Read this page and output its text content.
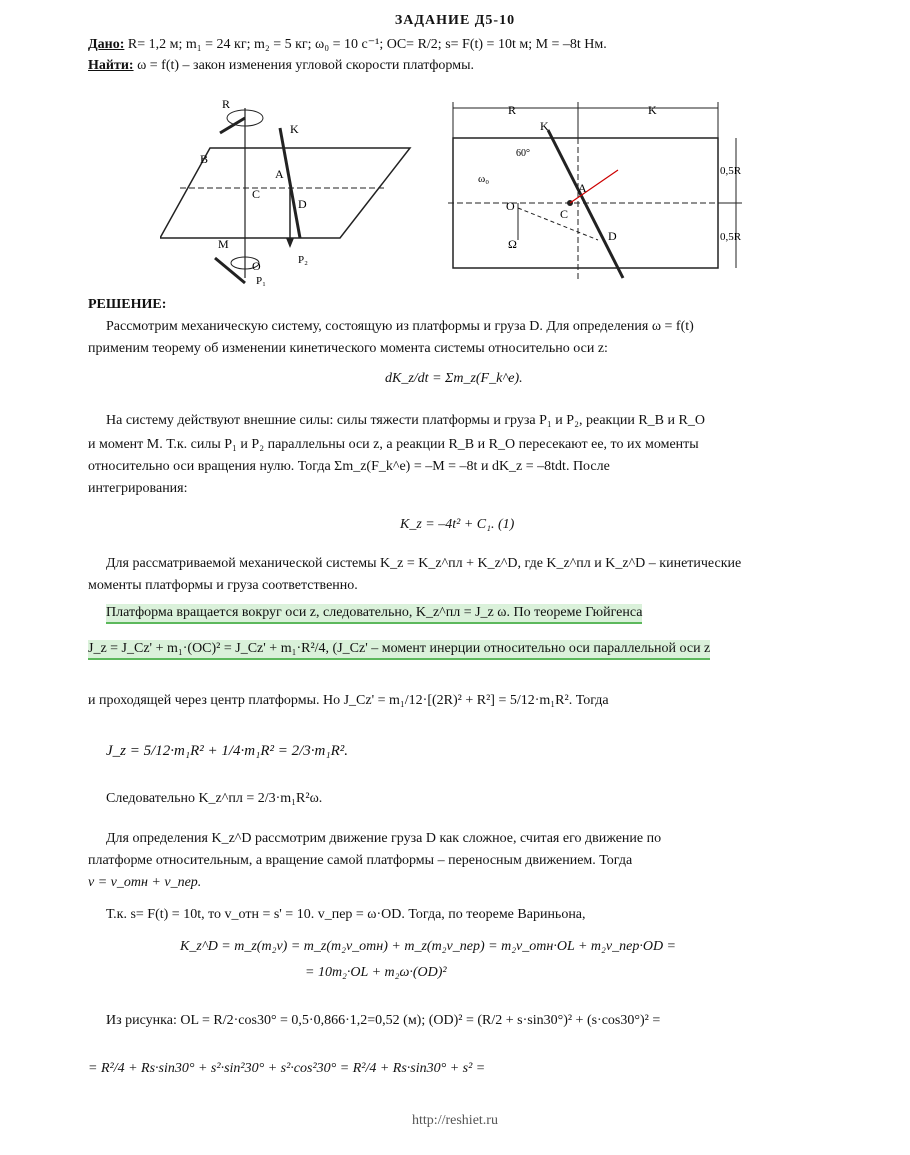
ЗАДАНИЕ Д5-10
Дано: R= 1,2 м; m₁ = 24 кг; m₂ = 5 кг; ω₀ = 10 с⁻¹; OC= R/2; s= F(t) = 10t м; M = –8t Нм.
Найти: ω = f(t) – закон изменения угловой скорости платформы.
R
K
A
C
D
O
B
M
P₁
P₂
R	K
K
60°
ω₀
A
C
D
O
Ω
0,5R
0,5R
РЕШЕНИЕ:
Рассмотрим механическую систему, состоящую из платформы и груза D. Для определения ω = f(t)
применим теорему об изменении кинетического момента системы относительно оси z:
dK_z/dt = Σm_z(F_k^e).
На систему действуют внешние силы: силы тяжести платформы и груза P₁ и P₂, реакции R_B и R_O
и момент M. Т.к. силы P₁ и P₂ параллельны оси z, а реакции R_B и R_O пересекают ее, то их моменты
относительно оси вращения нулю. Тогда Σm_z(F_k^e) = –M = –8t и dK_z = –8tdt. После
интегрирования:
K_z = –4t² + C₁. (1)
Для рассматриваемой механической системы K_z = K_z^пл + K_z^D, где K_z^пл и K_z^D – кинетические
моменты платформы и груза соответственно.
Платформа вращается вокруг оси z, следовательно, K_z^пл = J_z ω. По теореме Гюйгенса
J_z = J_Cz' + m₁·(OC)² = J_Cz' + m₁·R²/4, (J_Cz' – момент инерции относительно оси параллельной оси z
и проходящей через центр платформы. Но J_Cz' = m₁/12·[(2R)² + R²] = 5/12·m₁R². Тогда
J_z = 5/12·m₁R² + 1/4·m₁R² = 2/3·m₁R².
Следовательно K_z^пл = 2/3·m₁R²ω.
Для определения K_z^D рассмотрим движение груза D как сложное, считая его движение по
платформе относительным, а вращение самой платформы – переносным движением. Тогда
v = v_отн + v_пер.
Т.к. s= F(t) = 10t, то v_отн = s' = 10. v_пер = ω·OD. Тогда, по теореме Вариньона,
K_z^D = m_z(m₂v) = m_z(m₂v_отн) + m_z(m₂v_пер) = m₂v_отн·OL + m₂v_пер·OD =
= 10m₂·OL + m₂ω·(OD)²
Из рисунка: OL = R/2·cos30° = 0,5·0,866·1,2=0,52 (м); (OD)² = (R/2 + s·sin30°)² + (s·cos30°)² =
= R²/4 + Rs·sin30° + s²·sin²30° + s²·cos²30° = R²/4 + Rs·sin30° + s² =
http://reshiet.ru
